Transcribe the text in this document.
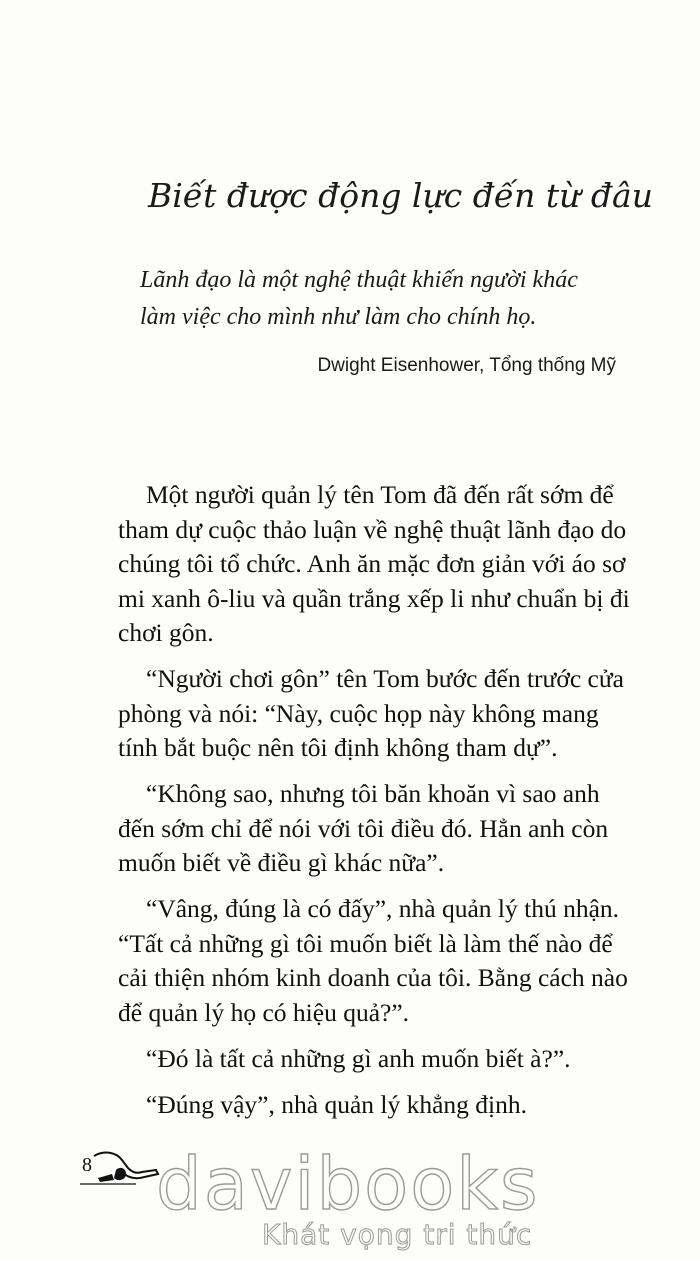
Biết được động lực đến từ đâu
Lãnh đạo là một nghệ thuật khiến người khác
làm việc cho mình như làm cho chính họ.

Dwight Eisenhower, Tổng thống Mỹ

Một người quản lý tên Tom đã đến rất sớm để
tham dự cuộc thảo luận về nghệ thuật lãnh đạo do
chúng tôi tổ chức. Anh ăn mặc đơn giản với áo sơ
mi xanh ô-liu và quần trắng xếp li như chuẩn bị đi
chơi gôn.

“Người chơi gôn” tên Tom bước đến trước cửa
phòng và nói: “Này, cuộc họp này không mang
tính bắt buộc nên tôi định không tham dự”.

“Không sao, nhưng tôi băn khoăn vì sao anh
đến sớm chỉ để nói với tôi điều đó. Hẳn anh còn
muốn biết về điều gì khác nữa”.

“Vâng, đúng là có đấy”, nhà quản lý thú nhận.
“Tất cả những gì tôi muốn biết là làm thế nào để
cải thiện nhóm kinh doanh của tôi. Bằng cách nào
để quản lý họ có hiệu quả?”.

“Đó là tất cả những gì anh muốn biết à?”.

“Đúng vậy”, nhà quản lý khẳng định.

8 davibooks
Khát vọng tri thức
